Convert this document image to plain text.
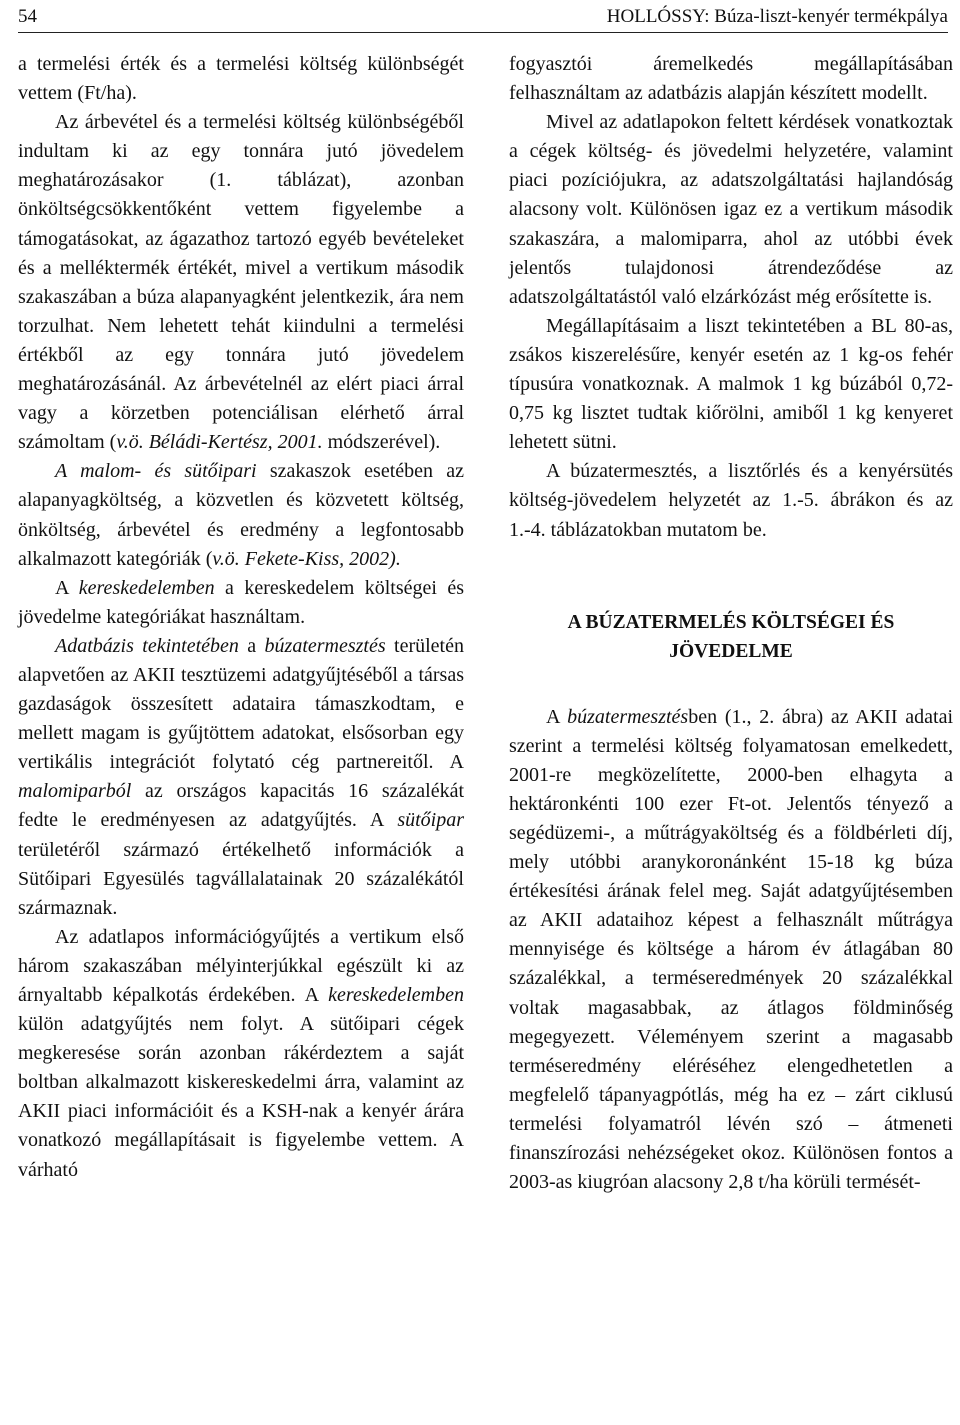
54	HOLLÓSSY: Búza-liszt-kenyér termékpálya

a termelési érték és a termelési költség különbségét vettem (Ft/ha).

Az árbevétel és a termelési költség különbségéből indultam ki az egy tonnára jutó jövedelem meghatározásakor (1. táblázat), azonban önköltségcsökkentőként vettem figyelembe a támogatásokat, az ágazathoz tartozó egyéb bevételeket és a melléktermék értékét, mivel a vertikum második szakaszában a búza alapanyagként jelentkezik, ára nem torzulhat. Nem lehetett tehát kiindulni a termelési értékből az egy tonnára jutó jövedelem meghatározásánál. Az árbevételnél az elért piaci árral vagy a körzetben potenciálisan elérhető árral számoltam (v.ö. Béládi-Kertész, 2001. módszerével).

A malom- és sütőipari szakaszok esetében az alapanyagköltség, a közvetlen és közvetett költség, önköltség, árbevétel és eredmény a legfontosabb alkalmazott kategóriák (v.ö. Fekete-Kiss, 2002).

A kereskedelemben a kereskedelem költségei és jövedelme kategóriákat használtam.

Adatbázis tekintetében a búzatermesztés területén alapvetően az AKII tesztüzemi adatgyűjtéséből a társas gazdaságok összesített adataira támaszkodtam, e mellett magam is gyűjtöttem adatokat, elsősorban egy vertikális integrációt folytató cég partnereitől. A malomiparból az országos kapacitás 16 százalékát fedte le eredményesen az adatgyűjtés. A sütőipar területéről származó értékelhető információk a Sütőipari Egyesülés tagvállalatainak 20 százalékától származnak.

Az adatlapos információgyűjtés a vertikum első három szakaszában mélyinterjúkkal egészült ki az árnyaltabb képalkotás érdekében. A kereskedelemben külön adatgyűjtés nem folyt. A sütőipari cégek megkeresése során azonban rákérdeztem a saját boltban alkalmazott kiskereskedelmi árra, valamint az AKII piaci információit és a KSH-nak a kenyér árára vonatkozó megállapításait is figyelembe vettem. A várható

fogyasztói áremelkedés megállapításában felhasználtam az adatbázis alapján készített modellt.

Mivel az adatlapokon feltett kérdések vonatkoztak a cégek költség- és jövedelmi helyzetére, valamint piaci pozíciójukra, az adatszolgáltatási hajlandóság alacsony volt. Különösen igaz ez a vertikum második szakaszára, a malomiparra, ahol az utóbbi évek jelentős tulajdonosi átrendeződése az adatszolgáltatástól való elzárkózást még erősítette is.

Megállapításaim a liszt tekintetében a BL 80-as, zsákos kiszerelésűre, kenyér esetén az 1 kg-os fehér típusúra vonatkoznak. A malmok 1 kg búzából 0,72-0,75 kg lisztet tudtak kiőrölni, amiből 1 kg kenyeret lehetett sütni.

A búzatermesztés, a lisztőrlés és a kenyérsütés költség-jövedelem helyzetét az 1.-5. ábrákon és az 1.-4. táblázatokban mutatom be.

A BÚZATERMELÉS KÖLTSÉGEI ÉS JÖVEDELME

A búzatermesztésben (1., 2. ábra) az AKII adatai szerint a termelési költség folyamatosan emelkedett, 2001-re megközelítette, 2000-ben elhagyta a hektáronkénti 100 ezer Ft-ot. Jelentős tényező a segédüzemi-, a műtrágyaköltség és a földbérleti díj, mely utóbbi aranykoronánként 15-18 kg búza értékesítési árának felel meg. Saját adatgyűjtésemben az AKII adataihoz képest a felhasznált műtrágya mennyisége és költsége a három év átlagában 80 százalékkal, a terméseredmények 20 százalékkal voltak magasabbak, az átlagos földminőség megegyezett. Véleményem szerint a magasabb terméseredmény eléréséhez elengedhetetlen a megfelelő tápanyagpótlás, még ha ez – zárt ciklusú termelési folyamatról lévén szó – átmeneti finanszírozási nehézségeket okoz. Különösen fontos a 2003-as kiugróan alacsony 2,8 t/ha körüli termését-
